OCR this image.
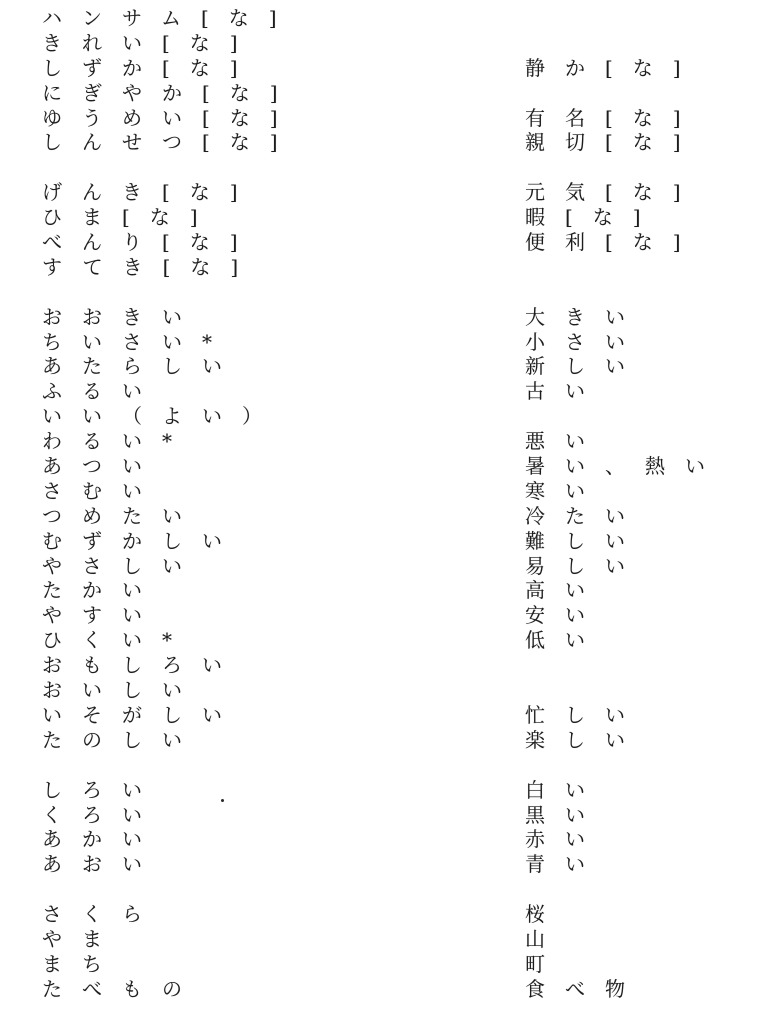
ハンサム[な]
きれい[な]
しずか[な]	静か[な]
にぎやか[な]
ゆうめい[な]	有名[な]
しんせつ[な]	親切[な]
げんき[な]	元気[な]
ひま[な]	暇[な]
べんり[な]	便利[な]
すてき[な]
おおきい	大きい
ちいさい*	小さい
あたらしい	新しい
ふるい	古い
いい（よい）
わるい*	悪い
あつい	暑い、熱い
さむい	寒い
つめたい	冷たい
むずかしい	難しい
やさしい	易しい
たかい	高い
やすい	安い
ひくい*	低い
おもしろい
おいしい
いそがしい	忙しい
たのしい	楽しい
しろい	白い
くろい	黒い
あかい	赤い
あおい	青い
さくら	桜
やま	山
まち	町
たべもの	食べ物
